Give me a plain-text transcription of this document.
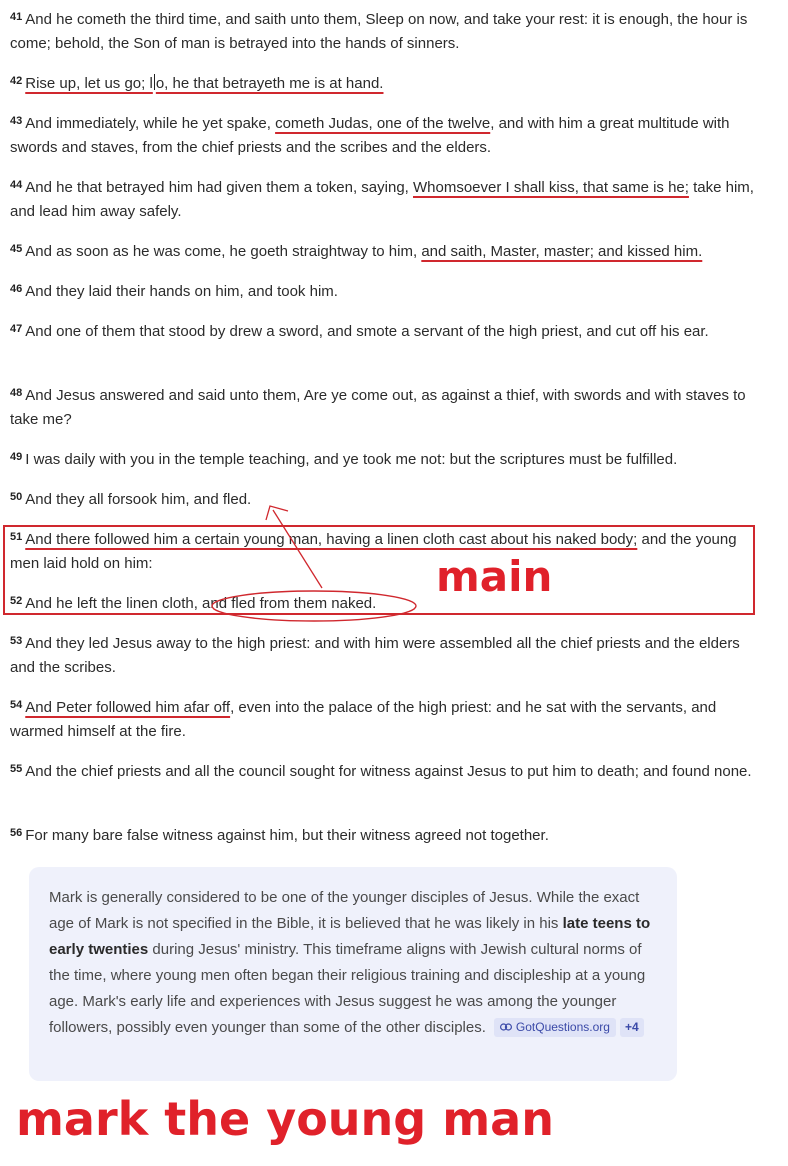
$^{41}$ And he cometh the third time, and saith unto them, Sleep on now, and take your rest: it is enough, the hour is come; behold, the Son of man is betrayed into the hands of sinners.
$^{42}$ Rise up, let us go; l o, he that betrayeth me is at hand.
$^{43}$ And immediately, while he yet spake, cometh Judas, one of the twelve, and with him a great multitude with swords and staves, from the chief priests and the scribes and the elders.
$^{44}$ And he that betrayed him had given them a token, saying, Whomsoever I shall kiss, that same is he; take him, and lead him away safely.
$^{45}$ And as soon as he was come, he goeth straightway to him, and saith, Master, master; and kissed him.
$^{46}$ And they laid their hands on him, and took him.
$^{47}$ And one of them that stood by drew a sword, and smote a servant of the high priest, and cut off his ear.
$^{48}$ And Jesus answered and said unto them, Are ye come out, as against a thief, with swords and with staves to take me?
$^{49}$ I was daily with you in the temple teaching, and ye took me not: but the scriptures must be fulfilled.
$^{50}$ And they all forsook him, and fled.
$^{51}$ And there followed him a certain young man, having a linen cloth cast about his naked body; and the young men laid hold on him:
$^{52}$ And he left the linen cloth, and fled from them naked.
$^{53}$ And they led Jesus away to the high priest: and with him were assembled all the chief priests and the elders and the scribes.
$^{54}$ And Peter followed him afar off, even into the palace of the high priest: and he sat with the servants, and warmed himself at the fire.
$^{55}$ And the chief priests and all the council sought for witness against Jesus to put him to death; and found none.
$^{56}$ For many bare false witness against him, but their witness agreed not together.
main
Mark is generally considered to be one of the younger disciples of Jesus. While the exact age of Mark is not specified in the Bible, it is believed that he was likely in his late teens to early twenties during Jesus' ministry. This timeframe aligns with Jewish cultural norms of the time, where young men often began their religious training and discipleship at a young age. Mark's early life and experiences with Jesus suggest he was among the younger followers, possibly even younger than some of the other disciples.	GotQuestions.org +4
mark the young man
